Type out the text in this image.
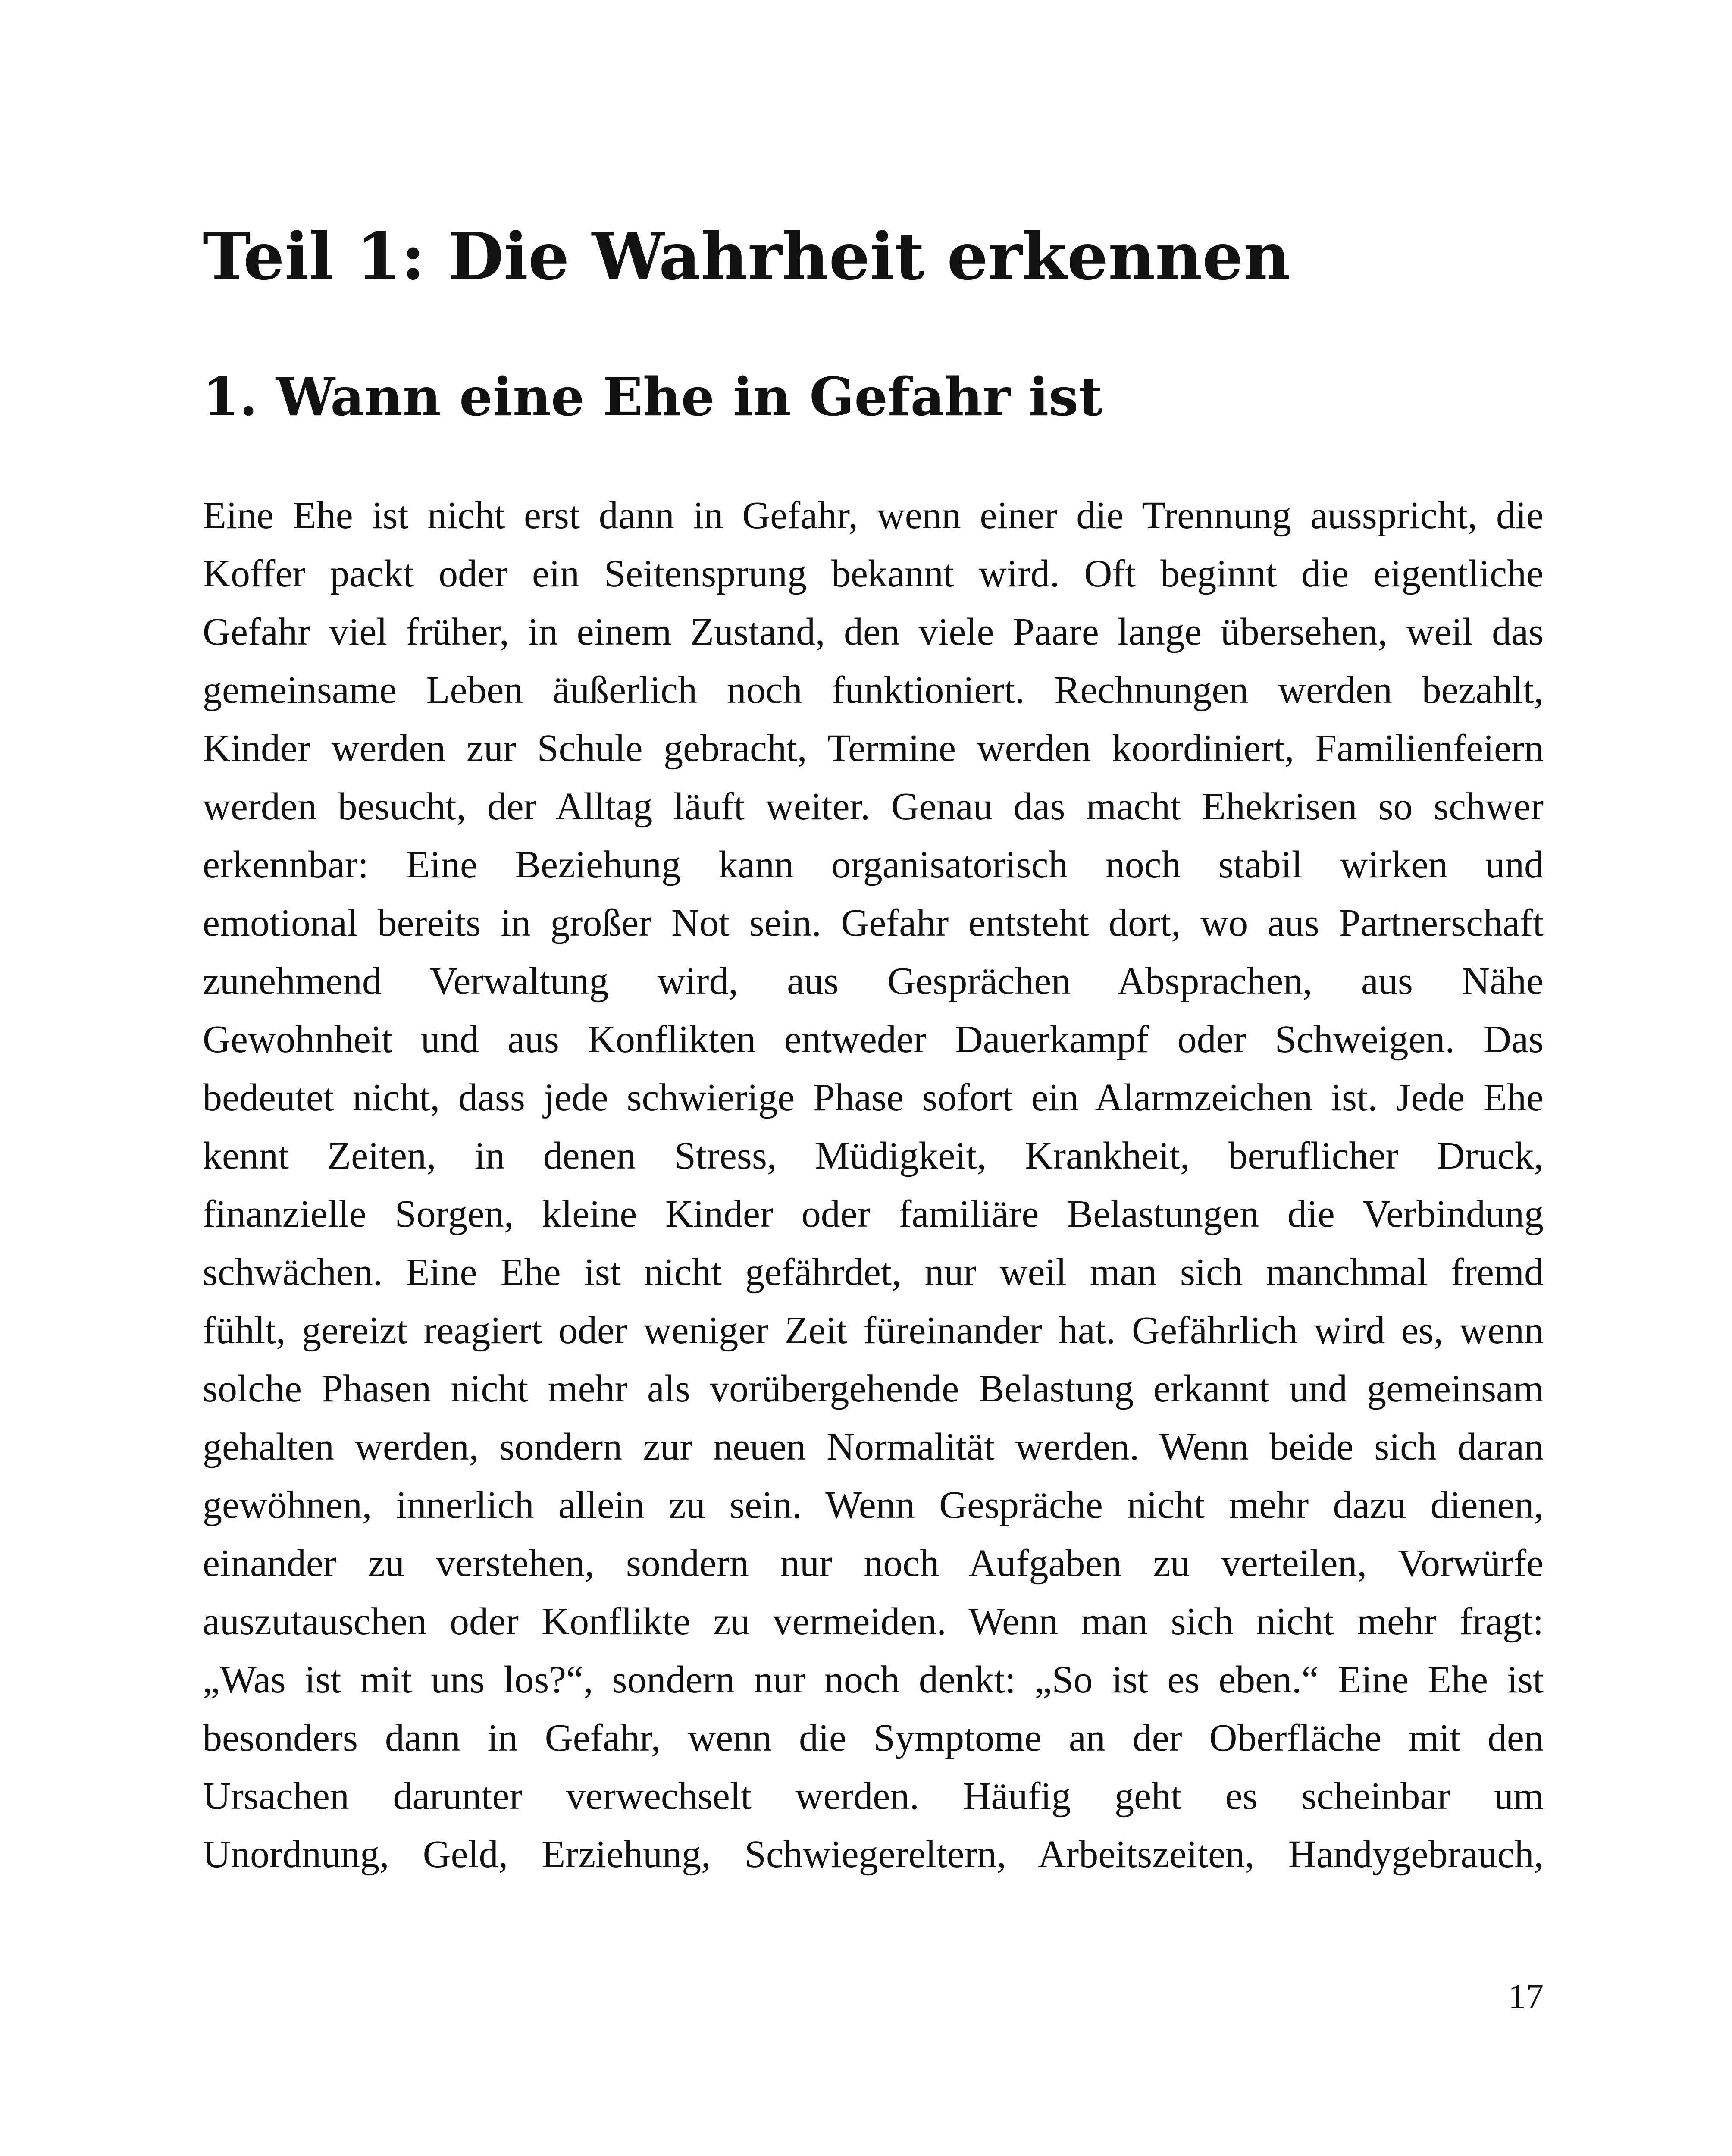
Teil 1: Die Wahrheit erkennen
1. Wann eine Ehe in Gefahr ist
Eine Ehe ist nicht erst dann in Gefahr, wenn einer die Trennung ausspricht, die
Koffer packt oder ein Seitensprung bekannt wird. Oft beginnt die eigentliche
Gefahr viel früher, in einem Zustand, den viele Paare lange übersehen, weil das
gemeinsame Leben äußerlich noch funktioniert. Rechnungen werden bezahlt,
Kinder werden zur Schule gebracht, Termine werden koordiniert, Familienfeiern
werden besucht, der Alltag läuft weiter. Genau das macht Ehekrisen so schwer
erkennbar: Eine Beziehung kann organisatorisch noch stabil wirken und
emotional bereits in großer Not sein. Gefahr entsteht dort, wo aus Partnerschaft
zunehmend Verwaltung wird, aus Gesprächen Absprachen, aus Nähe
Gewohnheit und aus Konflikten entweder Dauerkampf oder Schweigen. Das
bedeutet nicht, dass jede schwierige Phase sofort ein Alarmzeichen ist. Jede Ehe
kennt Zeiten, in denen Stress, Müdigkeit, Krankheit, beruflicher Druck,
finanzielle Sorgen, kleine Kinder oder familiäre Belastungen die Verbindung
schwächen. Eine Ehe ist nicht gefährdet, nur weil man sich manchmal fremd
fühlt, gereizt reagiert oder weniger Zeit füreinander hat. Gefährlich wird es, wenn
solche Phasen nicht mehr als vorübergehende Belastung erkannt und gemeinsam
gehalten werden, sondern zur neuen Normalität werden. Wenn beide sich daran
gewöhnen, innerlich allein zu sein. Wenn Gespräche nicht mehr dazu dienen,
einander zu verstehen, sondern nur noch Aufgaben zu verteilen, Vorwürfe
auszutauschen oder Konflikte zu vermeiden. Wenn man sich nicht mehr fragt:
„Was ist mit uns los?“, sondern nur noch denkt: „So ist es eben.“ Eine Ehe ist
besonders dann in Gefahr, wenn die Symptome an der Oberfläche mit den
Ursachen darunter verwechselt werden. Häufig geht es scheinbar um
Unordnung, Geld, Erziehung, Schwiegereltern, Arbeitszeiten, Handygebrauch,
17
